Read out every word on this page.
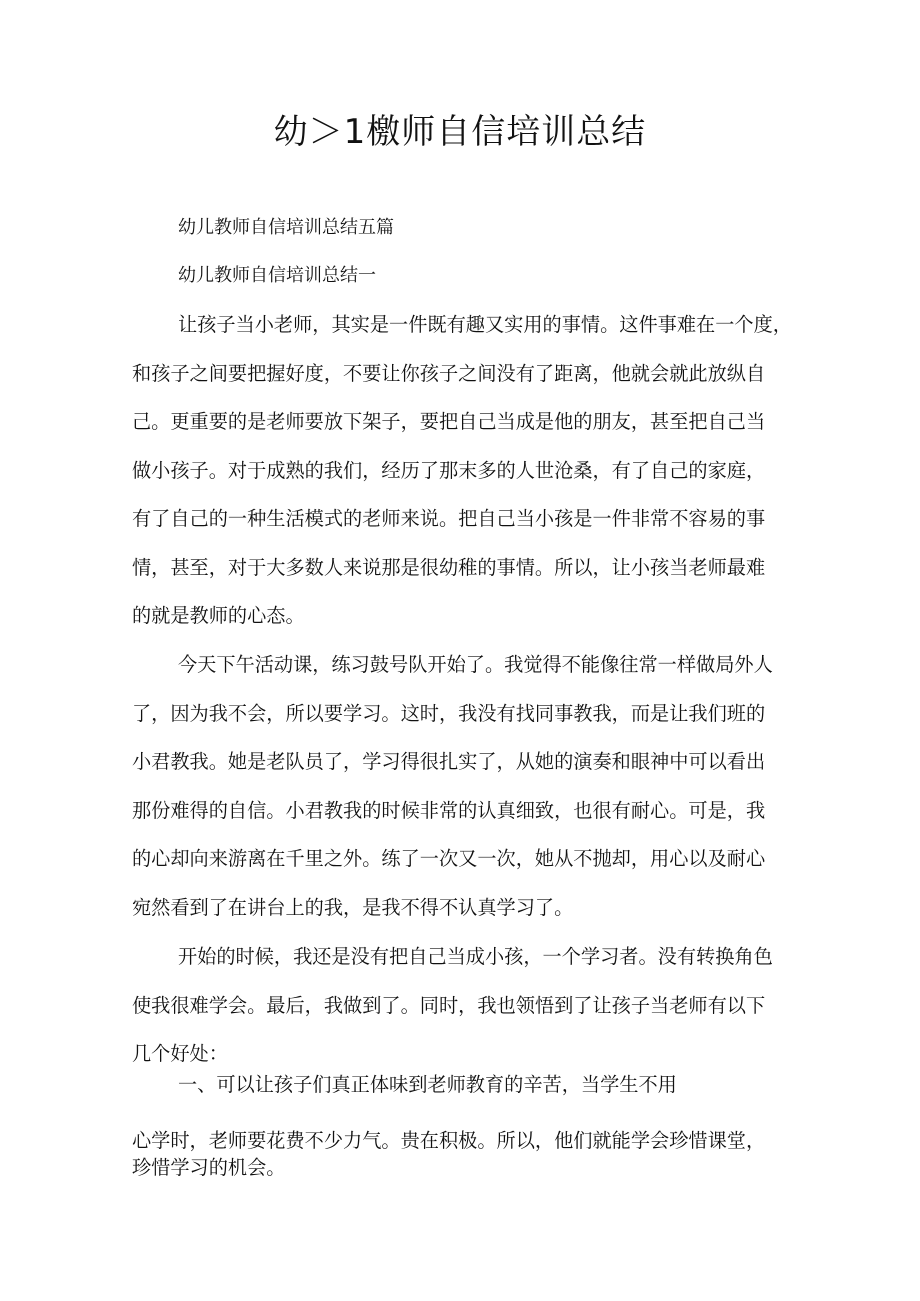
幼＞1檄师自信培训总结

幼儿教师自信培训总结五篇

幼儿教师自信培训总结一

让孩子当小老师，其实是一件既有趣又实用的事情。这件事难在一个度，
和孩子之间要把握好度，不要让你孩子之间没有了距离，他就会就此放纵自
己。更重要的是老师要放下架子，要把自己当成是他的朋友，甚至把自己当
做小孩子。对于成熟的我们，经历了那末多的人世沧桑，有了自己的家庭，
有了自己的一种生活模式的老师来说。把自己当小孩是一件非常不容易的事
情，甚至，对于大多数人来说那是很幼稚的事情。所以，让小孩当老师最难
的就是教师的心态。
今天下午活动课，练习鼓号队开始了。我觉得不能像往常一样做局外人
了，因为我不会，所以要学习。这时，我没有找同事教我，而是让我们班的
小君教我。她是老队员了，学习得很扎实了，从她的演奏和眼神中可以看出
那份难得的自信。小君教我的时候非常的认真细致，也很有耐心。可是，我
的心却向来游离在千里之外。练了一次又一次，她从不抛却，用心以及耐心
宛然看到了在讲台上的我，是我不得不认真学习了。
开始的时候，我还是没有把自己当成小孩，一个学习者。没有转换角色
使我很难学会。最后，我做到了。同时，我也领悟到了让孩子当老师有以下
几个好处：
一、可以让孩子们真正体味到老师教育的辛苦，当学生不用
心学时，老师要花费不少力气。贵在积极。所以，他们就能学会珍惜课堂，
珍惜学习的机会。
